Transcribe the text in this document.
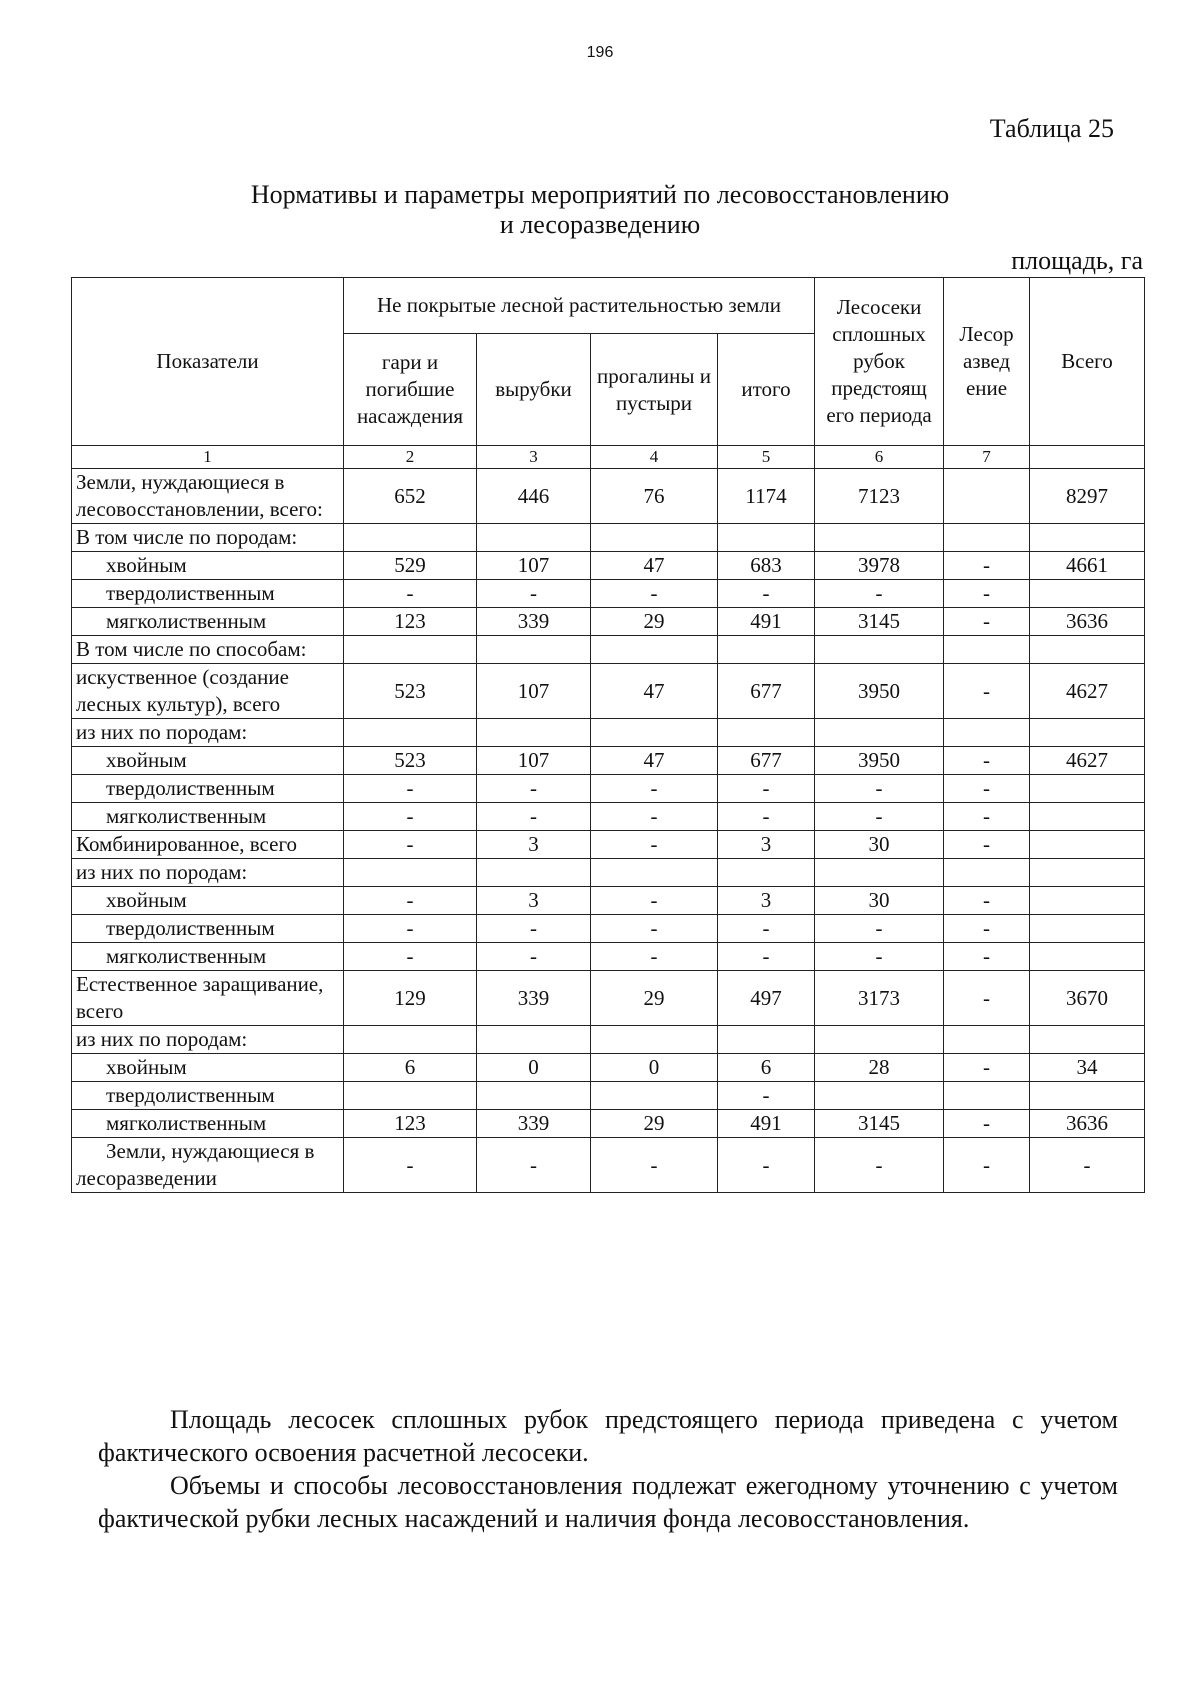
196
Таблица 25
Нормативы и параметры мероприятий по лесовосстановлению
и лесоразведению
площадь, га
Показатели	Не покрытые лесной растительностью земли				Лесосеки сплошных рубок предстоящ его периода	Лесор азвед ение	Всего
	гари и погибшие насаждения	вырубки	прогалины и пустыри	итого			
1	2	3	4	5	6	7	
Земли, нуждающиеся в лесовосстановлении, всего:	652	446	76	1174	7123		8297
В том числе по породам:							
хвойным	529	107	47	683	3978	-	4661
твердолиственным	-	-	-	-	-	-	
мягколиственным	123	339	29	491	3145	-	3636
В том числе по способам:							
искуственное (создание лесных культур), всего	523	107	47	677	3950	-	4627
из них по породам:							
хвойным	523	107	47	677	3950	-	4627
твердолиственным	-	-	-	-	-	-	
мягколиственным	-	-	-	-	-	-	
Комбинированное, всего	-	3	-	3	30	-	
из них по породам:							
хвойным	-	3	-	3	30	-	
твердолиственным	-	-	-	-	-	-	
мягколиственным	-	-	-	-	-	-	
Естественное заращивание, всего	129	339	29	497	3173	-	3670
из них по породам:							
хвойным	6	0	0	6	28	-	34
твердолиственным				-			
мягколиственным	123	339	29	491	3145	-	3636
Земли, нуждающиеся в лесоразведении	-	-	-	-	-	-	-

Площадь лесосек сплошных рубок предстоящего периода приведена с учетом фактического освоения расчетной лесосеки.

Объемы и способы лесовосстановления подлежат ежегодному уточнению с учетом фактической рубки лесных насаждений и наличия фонда лесовосстановления.
